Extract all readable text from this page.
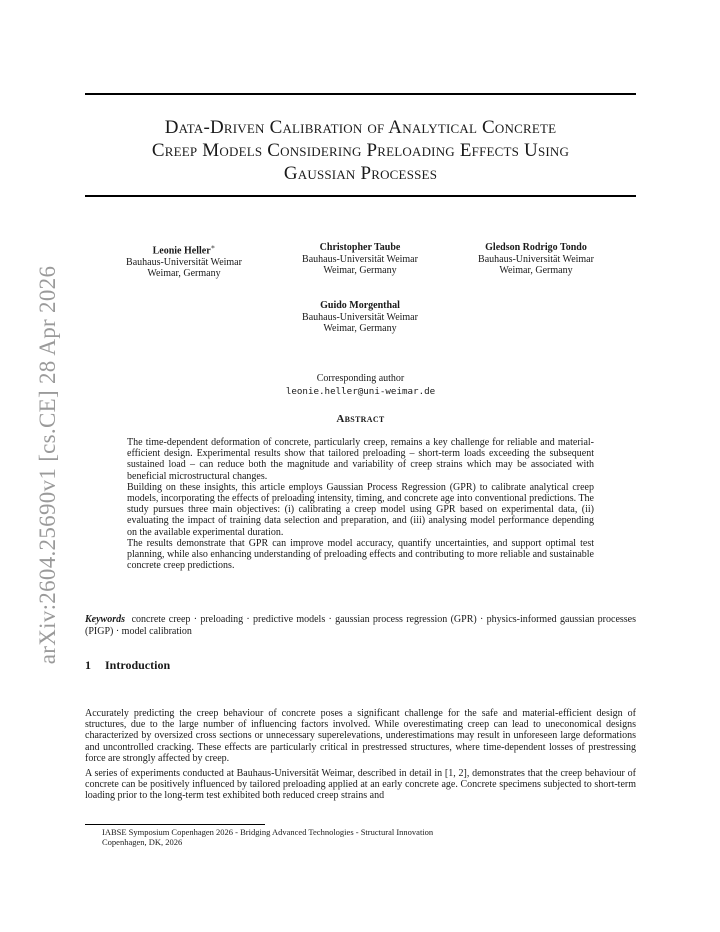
arXiv:2604.25690v1 [cs.CE] 28 Apr 2026
Data-Driven Calibration of Analytical Concrete
Creep Models Considering Preloading Effects Using
Gaussian Processes
Leonie Heller∗
Bauhaus-Universität Weimar
Weimar, Germany
Christopher Taube
Bauhaus-Universität Weimar
Weimar, Germany
Gledson Rodrigo Tondo
Bauhaus-Universität Weimar
Weimar, Germany
Guido Morgenthal
Bauhaus-Universität Weimar
Weimar, Germany
Corresponding author
leonie.heller@uni-weimar.de
Abstract

The time-dependent deformation of concrete, particularly creep, remains a key challenge for reliable and material-efficient design. Experimental results show that tailored preloading – short-term loads exceeding the subsequent sustained load – can reduce both the magnitude and variability of creep strains which may be associated with beneficial microstructural changes.

Building on these insights, this article employs Gaussian Process Regression (GPR) to calibrate analytical creep models, incorporating the effects of preloading intensity, timing, and concrete age into conventional predictions. The study pursues three main objectives: (i) calibrating a creep model using GPR based on experimental data, (ii) evaluating the impact of training data selection and preparation, and (iii) analysing model performance depending on the available experimental duration.

The results demonstrate that GPR can improve model accuracy, quantify uncertainties, and support optimal test planning, while also enhancing understanding of preloading effects and contributing to more reliable and sustainable concrete creep predictions.

Keywords concrete creep · preloading · predictive models · gaussian process regression (GPR) · physics-informed gaussian processes (PIGP) · model calibration
1 Introduction

Accurately predicting the creep behaviour of concrete poses a significant challenge for the safe and material-efficient design of structures, due to the large number of influencing factors involved. While overestimating creep can lead to uneconomical designs characterized by oversized cross sections or unnecessary superelevations, underestimations may result in unforeseen large deformations and uncontrolled cracking. These effects are particularly critical in prestressed structures, where time-dependent losses of prestressing force are strongly affected by creep.

A series of experiments conducted at Bauhaus-Universität Weimar, described in detail in [1, 2], demonstrates that the creep behaviour of concrete can be positively influenced by tailored preloading applied at an early concrete age. Concrete specimens subjected to short-term loading prior to the long-term test exhibited both reduced creep strains and

IABSE Symposium Copenhagen 2026 - Bridging Advanced Technologies - Structural Innovation
Copenhagen, DK, 2026
